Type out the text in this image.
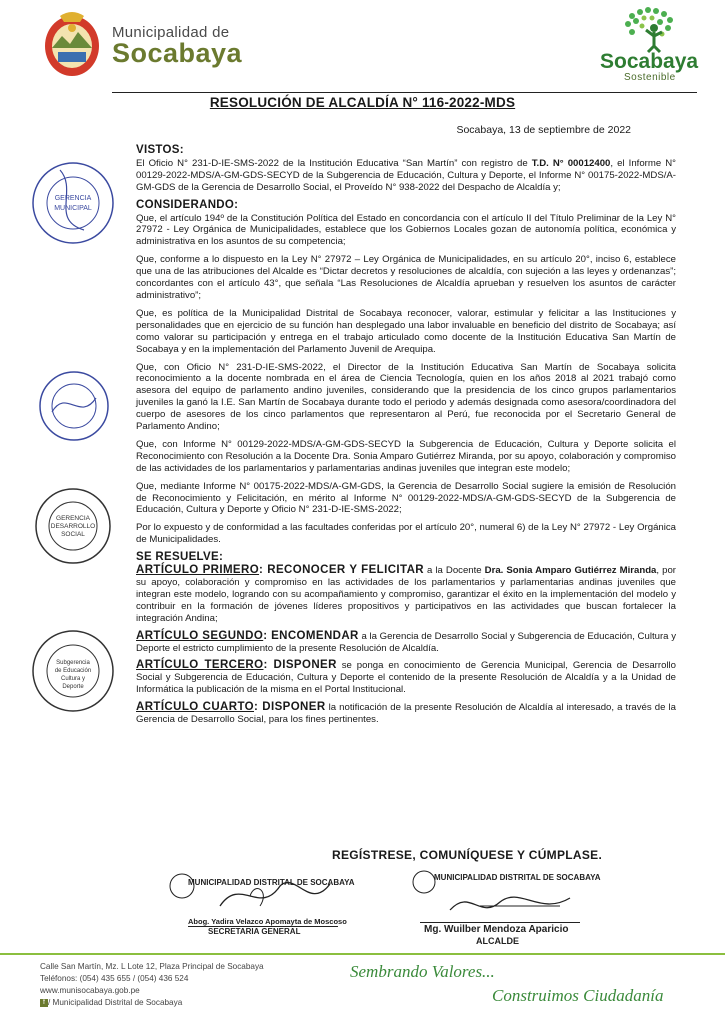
Municipalidad de
Socabaya	Socabaya
Sostenible
RESOLUCIÓN DE ALCALDÍA N° 116-2022-MDS
Socabaya, 13 de septiembre de 2022
GERENCIA
MUNICIPAL
GERENCIA
DESARROLLO
SOCIAL
Subgerencia
de Educación
Cultura y
Deporte
VISTOS:

El Oficio N° 231-D-IE-SMS-2022 de la Institución Educativa “San Martín” con registro de T.D. N° 00012400, el Informe N° 00129-2022-MDS/A-GM-GDS-SECYD de la Subgerencia de Educación, Cultura y Deporte, el Informe N° 00175-2022-MDS/A-GM-GDS de la Gerencia de Desarrollo Social, el Proveído N° 938-2022 del Despacho de Alcaldía y;

CONSIDERANDO:

Que, el artículo 194º de la Constitución Política del Estado en concordancia con el artículo II del Título Preliminar de la Ley N° 27972 - Ley Orgánica de Municipalidades, establece que los Gobiernos Locales gozan de autonomía política, económica y administrativa en los asuntos de su competencia;

Que, conforme a lo dispuesto en la Ley N° 27972 – Ley Orgánica de Municipalidades, en su artículo 20°, inciso 6, establece que una de las atribuciones del Alcalde es “Dictar decretos y resoluciones de alcaldía, con sujeción a las leyes y ordenanzas”; concordantes con el artículo 43°, que señala “Las Resoluciones de Alcaldía aprueban y resuelven los asuntos de carácter administrativo”;

Que, es política de la Municipalidad Distrital de Socabaya reconocer, valorar, estimular y felicitar a las Instituciones y personalidades que en ejercicio de su función han desplegado una labor invaluable en beneficio del distrito de Socabaya; así como valorar su participación y entrega en el trabajo articulado como docente de la Institución Educativa San Martín de Socabaya y en la implementación del Parlamento Juvenil de Arequipa.

Que, con Oficio N° 231-D-IE-SMS-2022, el Director de la Institución Educativa San Martín de Socabaya solicita reconocimiento a la docente nombrada en el área de Ciencia Tecnología, quien en los años 2018 al 2021 trabajó como asesora del equipo de parlamento andino juveniles, considerando que la presidencia de los cinco grupos parlamentarios juveniles la ganó la I.E. San Martín de Socabaya durante todo el periodo y además designada como asesora/coordinadora del cuerpo de asesores de los cinco parlamentos que representaron al Perú, fue reconocida por el Secretario General de Parlamento Andino;

Que, con Informe N° 00129-2022-MDS/A-GM-GDS-SECYD la Subgerencia de Educación, Cultura y Deporte solicita el Reconocimiento con Resolución a la Docente Dra. Sonia Amparo Gutiérrez Miranda, por su apoyo, colaboración y compromiso de las actividades de los parlamentarios y parlamentarias andinas juveniles que integran este modelo;

Que, mediante Informe N° 00175-2022-MDS/A-GM-GDS, la Gerencia de Desarrollo Social sugiere la emisión de Resolución de Reconocimiento y Felicitación, en mérito al Informe N° 00129-2022-MDS/A-GM-GDS-SECYD de la Subgerencia de Educación, Cultura y Deporte y Oficio N° 231-D-IE-SMS-2022;

Por lo expuesto y de conformidad a las facultades conferidas por el artículo 20°, numeral 6) de la Ley N° 27972 - Ley Orgánica de Municipalidades.

SE RESUELVE:

ARTÍCULO PRIMERO: RECONOCER Y FELICITAR a la Docente Dra. Sonia Amparo Gutiérrez Miranda, por su apoyo, colaboración y compromiso en las actividades de los parlamentarios y parlamentarias andinas juveniles que integran este modelo, logrando con su acompañamiento y compromiso, garantizar el éxito en la implementación del modelo y contribuir en la formación de jóvenes líderes propositivos y participativos en las actividades que buscan fortalecer la integración Andina;

ARTÍCULO SEGUNDO: ENCOMENDAR a la Gerencia de Desarrollo Social y Subgerencia de Educación, Cultura y Deporte el estricto cumplimiento de la presente Resolución de Alcaldía.

ARTÍCULO TERCERO: DISPONER se ponga en conocimiento de Gerencia Municipal, Gerencia de Desarrollo Social y Subgerencia de Educación, Cultura y Deporte el contenido de la presente Resolución de Alcaldía y a la Unidad de Informática la publicación de la misma en el Portal Institucional.

ARTÍCULO CUARTO: DISPONER la notificación de la presente Resolución de Alcaldía al interesado, a través de la Gerencia de Desarrollo Social, para los fines pertinentes.

REGÍSTRESE, COMUNÍQUESE Y CÚMPLASE.
MUNICIPALIDAD DISTRITAL DE SOCABAYA
Abog. Yadira Velazco Apomayta de Moscoso
SECRETARIA GENERAL
MUNICIPALIDAD DISTRITAL DE SOCABAYA
Mg. Wuilber Mendoza Aparicio
ALCALDE
Calle San Martín, Mz. L Lote 12, Plaza Principal de Socabaya
Teléfonos: (054) 435 655 / (054) 436 524
www.munisocabaya.gob.pe
f / Municipalidad Distrital de Socabaya
Sembrando Valores...
Construimos Ciudadanía
